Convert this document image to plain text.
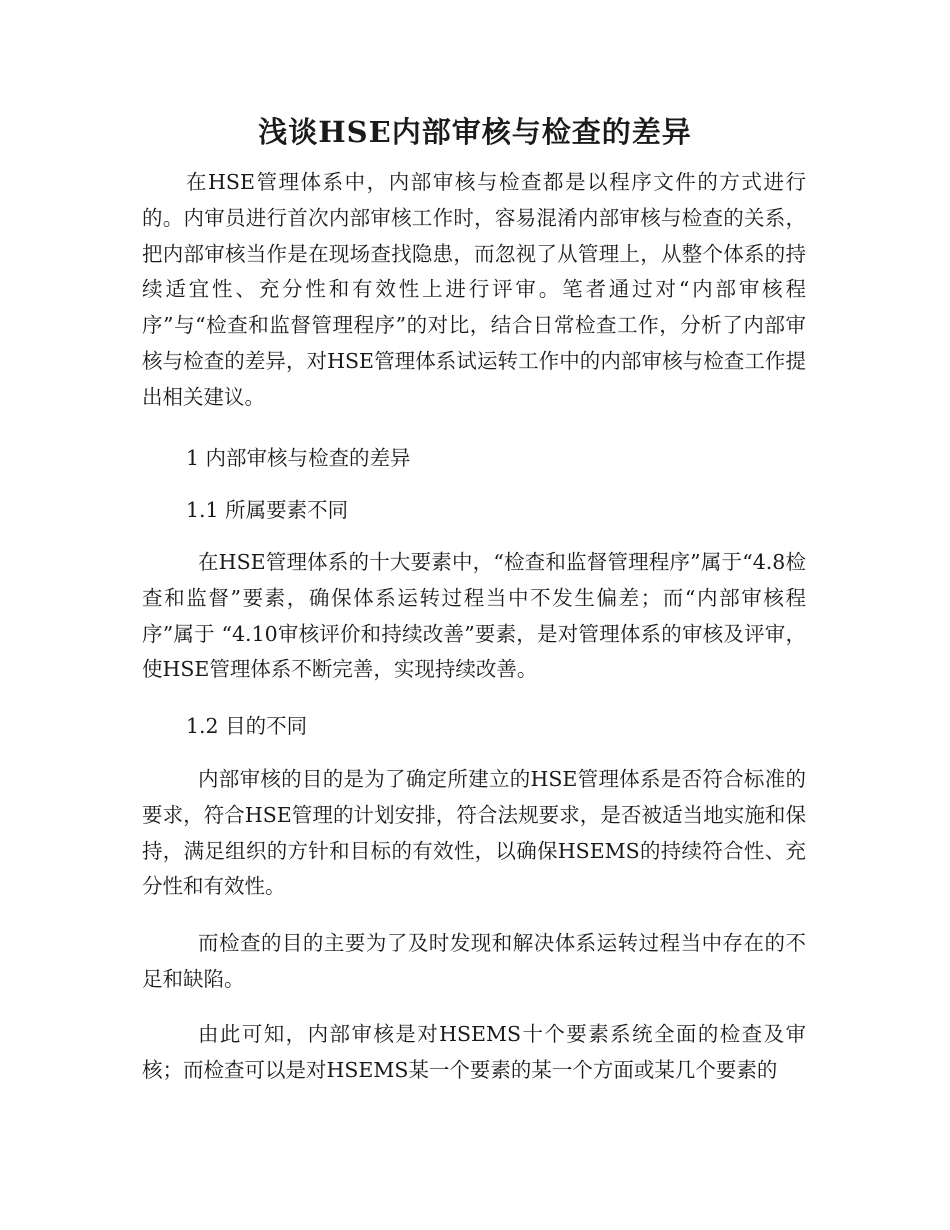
浅谈HSE内部审核与检查的差异

在HSE管理体系中，内部审核与检查都是以程序文件的方式进行的。内审员进行首次内部审核工作时，容易混淆内部审核与检查的关系，把内部审核当作是在现场查找隐患，而忽视了从管理上，从整个体系的持续适宜性、充分性和有效性上进行评审。笔者通过对“内部审核程序”与“检查和监督管理程序”的对比，结合日常检查工作，分析了内部审核与检查的差异，对HSE管理体系试运转工作中的内部审核与检查工作提出相关建议。

1 内部审核与检查的差异

1.1 所属要素不同

在HSE管理体系的十大要素中，“检查和监督管理程序”属于“4.8检查和监督”要素，确保体系运转过程当中不发生偏差；而“内部审核程序”属于 “4.10审核评价和持续改善”要素，是对管理体系的审核及评审，使HSE管理体系不断完善，实现持续改善。

1.2 目的不同

内部审核的目的是为了确定所建立的HSE管理体系是否符合标准的要求，符合HSE管理的计划安排，符合法规要求，是否被适当地实施和保持，满足组织的方针和目标的有效性，以确保HSEMS的持续符合性、充分性和有效性。

而检查的目的主要为了及时发现和解决体系运转过程当中存在的不足和缺陷。

由此可知，内部审核是对HSEMS十个要素系统全面的检查及审核；而检查可以是对HSEMS某一个要素的某一个方面或某几个要素的
